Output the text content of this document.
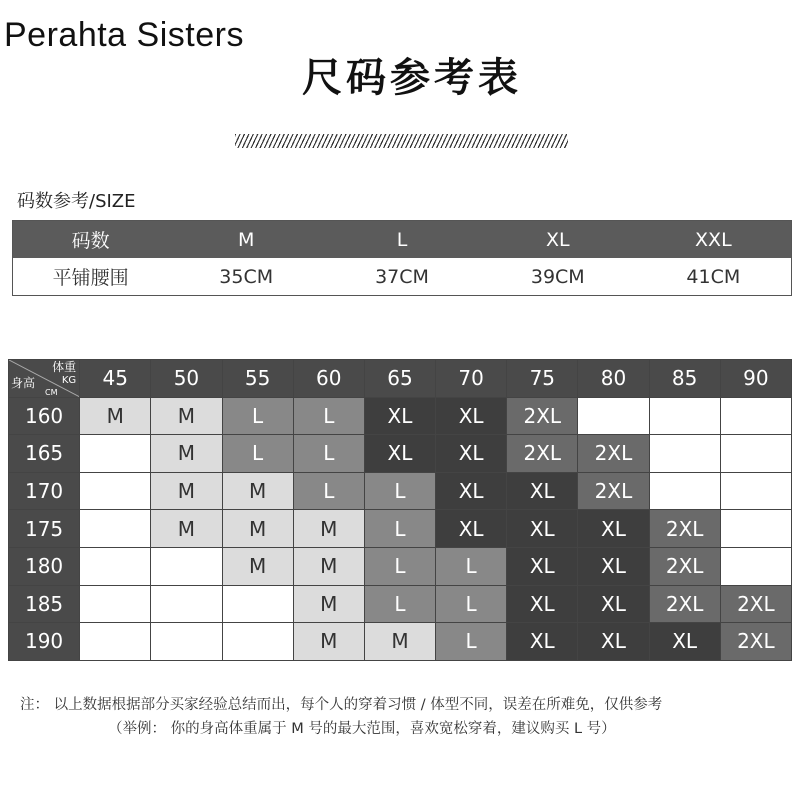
Perahta Sisters
尺码参考表
码数参考/SIZE
码数	M	L	XL	XXL
平铺腰围	35CM	37CM	39CM	41CM
体重
KG
身高
CM	45	50	55	60	65	70	75	80	85	90
160	M	M	L	L	XL	XL	2XL			
165		M	L	L	XL	XL	2XL	2XL		
170		M	M	L	L	XL	XL	2XL		
175		M	M	M	L	XL	XL	XL	2XL	
180			M	M	L	L	XL	XL	2XL	
185				M	L	L	XL	XL	2XL	2XL
190				M	M	L	XL	XL	XL	2XL
注： 以上数据根据部分买家经验总结而出，每个人的穿着习惯 / 体型不同，误差在所难免，仅供参考
（举例： 你的身高体重属于 M 号的最大范围，喜欢宽松穿着，建议购买 L 号）
